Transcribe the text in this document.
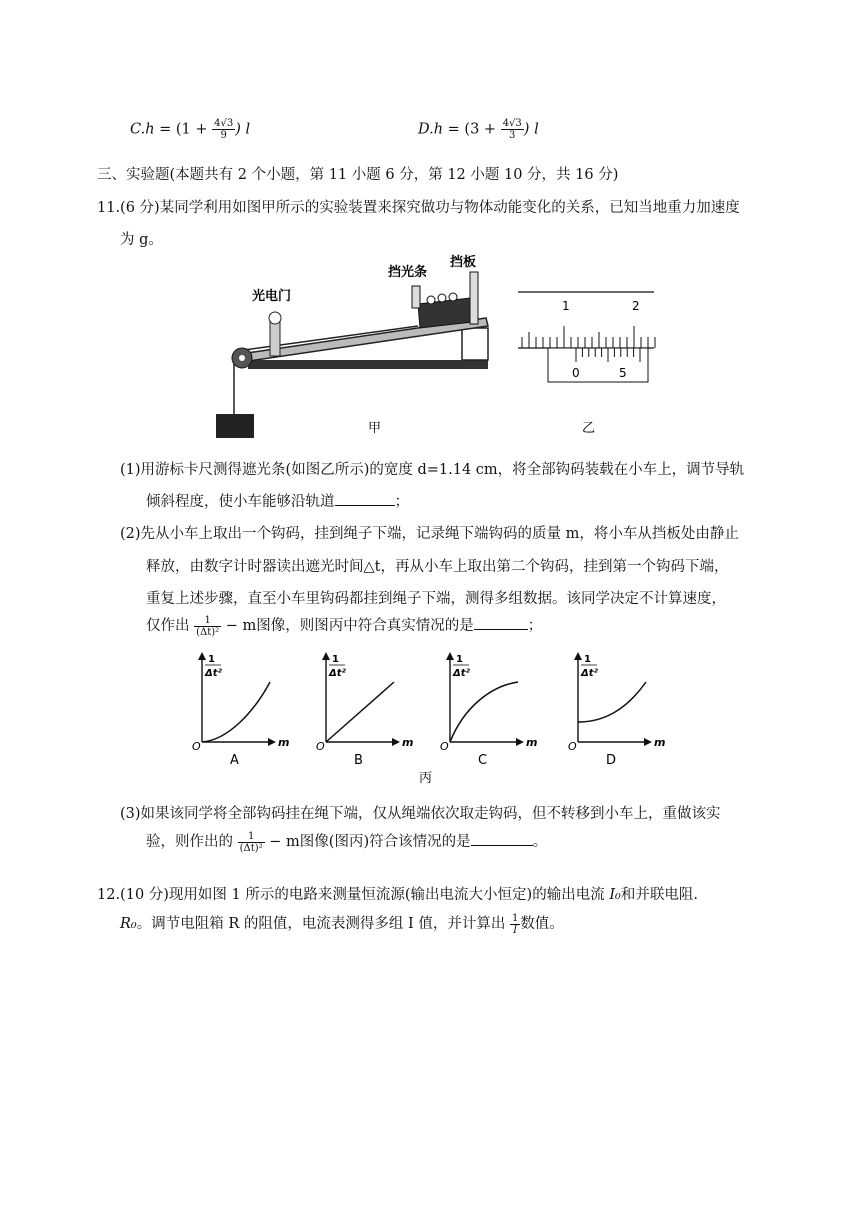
$C.h = (1 + \frac{4√3}{9}$ ) l	$D.h = (3 + \frac{4√3}{3}$ ) l
三、实验题(本题共有 2 个小题，第 11 小题 6 分，第 12 小题 10 分，共 16 分)
11.(6 分)某同学利用如图甲所示的实验装置来探究做功与物体动能变化的关系，已知当地重力加速度
为 g。
光电门
挡光条
挡板
甲
1	2
0	5
乙
(1)用游标卡尺测得遮光条(如图乙所示)的宽度 d=1.14 cm，将全部钩码装载在小车上，调节导轨
倾斜程度，使小车能够沿轨道	；
(2)先从小车上取出一个钩码，挂到绳子下端，记录绳下端钩码的质量 m，将小车从挡板处由静止
释放，由数字计时器读出遮光时间△t，再从小车上取出第二个钩码，挂到第一个钩码下端，
重复上述步骤，直至小车里钩码都挂到绳子下端，测得多组数据。该同学决定不计算速度，
仅作出 $\frac{1}{\text{(Δt)²}} - m$图像，则图丙中符合真实情况的是	；
1
Δt²
O	m
A
1
Δt²
O	m
B
1
Δt²
O	m
C
1
Δt²
O	m
D
丙
(3)如果该同学将全部钩码挂在绳下端，仅从绳端依次取走钩码，但不转移到小车上，重做该实
验，则作出的 $\frac{1}{\text{(Δt)²}} - m$图像(图丙)符合该情况的是	。
12.(10 分)现用如图 1 所示的电路来测量恒流源(输出电流大小恒定)的输出电流 I₀和并联电阻.
R₀。调节电阻箱 R 的阻值，电流表测得多组 I 值，并计算出 $\frac{1}{I}$ 数值。
